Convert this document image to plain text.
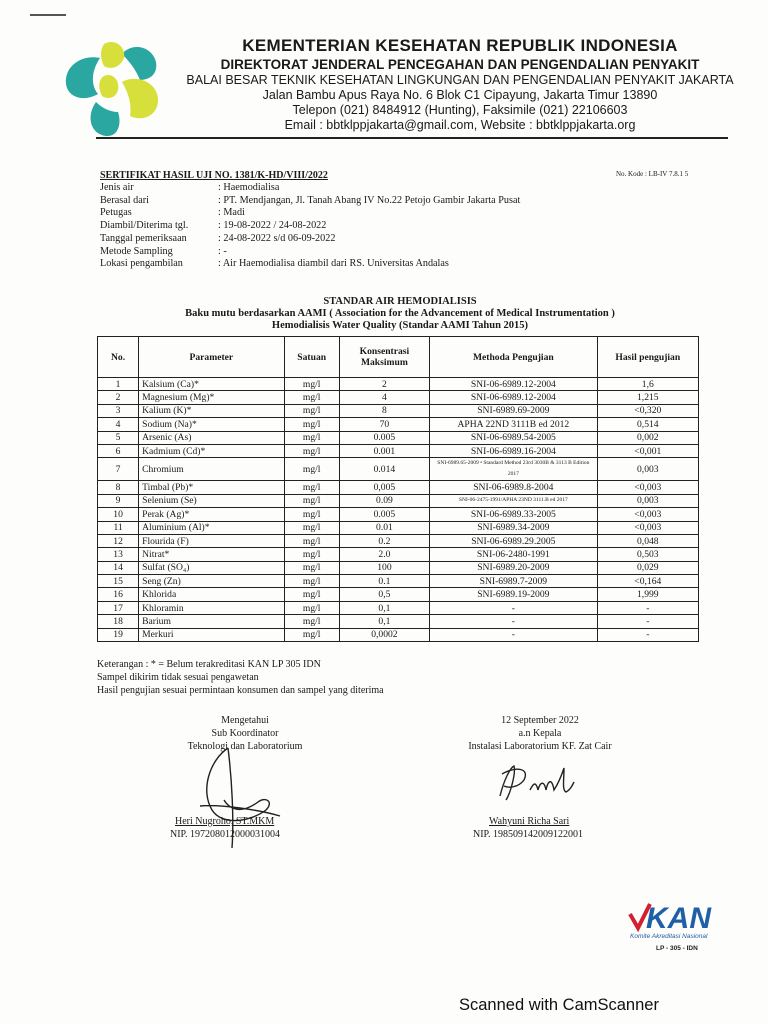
KEMENTERIAN KESEHATAN REPUBLIK INDONESIA
DIREKTORAT JENDERAL PENCEGAHAN DAN PENGENDALIAN PENYAKIT
BALAI BESAR TEKNIK KESEHATAN LINGKUNGAN DAN PENGENDALIAN PENYAKIT JAKARTA
Jalan Bambu Apus Raya No. 6 Blok C1 Cipayung, Jakarta Timur 13890
Telepon (021) 8484912 (Hunting), Faksimile (021) 22106603
Email : bbtklppjakarta@gmail.com, Website : bbtklppjakarta.org
SERTIFIKAT HASIL UJI NO. 1381/K-HD/VIII/2022	No. Kode : LB-IV 7.8.1 5
Jenis air	: Haemodialisa
Berasal dari	: PT. Mendjangan, Jl. Tanah Abang IV No.22 Petojo Gambir Jakarta Pusat
Petugas	: Madi
Diambil/Diterima tgl.	: 19-08-2022 / 24-08-2022
Tanggal pemeriksaan	: 24-08-2022 s/d 06-09-2022
Metode Sampling	: -
Lokasi pengambilan	: Air Haemodialisa diambil dari RS. Universitas Andalas
STANDAR AIR HEMODIALISIS
Baku mutu berdasarkan AAMI ( Association for the Advancement of Medical Instrumentation )
Hemodialisis Water Quality (Standar AAMI Tahun 2015)
No.	Parameter	Satuan	Konsentrasi Maksimum	Methoda Pengujian	Hasil pengujian
1	Kalsium (Ca)*	mg/l	2	SNI-06-6989.12-2004	1,6
2	Magnesium (Mg)*	mg/l	4	SNI-06-6989.12-2004	1,215
3	Kalium (K)*	mg/l	8	SNI-6989.69-2009	<0,320
4	Sodium (Na)*	mg/l	70	APHA 22ND 3111B ed 2012	0,514
5	Arsenic (As)	mg/l	0.005	SNI-06-6989.54-2005	0,002
6	Kadmium (Cd)*	mg/l	0.001	SNI-06-6989.16-2004	<0,001
7	Chromium	mg/l	0.014	SNI-6989.65-2009 • Standard Method 23rd 3030B & 3113 B Edition 2017	0,003
8	Timbal (Pb)*	mg/l	0,005	SNI-06-6989.8-2004	<0,003
9	Selenium (Se)	mg/l	0.09	SNI-06-2475-1991/APHA 23ND 3111.B ed 2017	0,003
10	Perak (Ag)*	mg/l	0.005	SNI-06-6989.33-2005	<0,003
11	Aluminium (Al)*	mg/l	0.01	SNI-6989.34-2009	<0,003
12	Flourida (F)	mg/l	0.2	SNI-06-6989.29.2005	0,048
13	Nitrat*	mg/l	2.0	SNI-06-2480-1991	0,503
14	Sulfat (SO₄)	mg/l	100	SNI-6989.20-2009	0,029
15	Seng (Zn)	mg/l	0.1	SNI-6989.7-2009	<0,164
16	Khlorida	mg/l	0,5	SNI-6989.19-2009	1,999
17	Khloramin	mg/l	0,1	-	-
18	Barium	mg/l	0,1	-	-
19	Merkuri	mg/l	0,0002	-	-
Keterangan : * = Belum terakreditasi KAN LP 305 IDN
Sampel dikirim tidak sesuai pengawetan
Hasil pengujian sesuai permintaan konsumen dan sampel yang diterima
Mengetahui
Sub Koordinator
Teknologi dan Laboratorium
Heri Nugroho, ST.MKM
NIP. 197208012000031004
12 September 2022
a.n Kepala
Instalasi Laboratorium KF. Zat Cair
Wahyuni Richa Sari
NIP. 198509142009122001
KAN
Komite Akreditasi Nasional
LP - 305 - IDN
Scanned with CamScanner
